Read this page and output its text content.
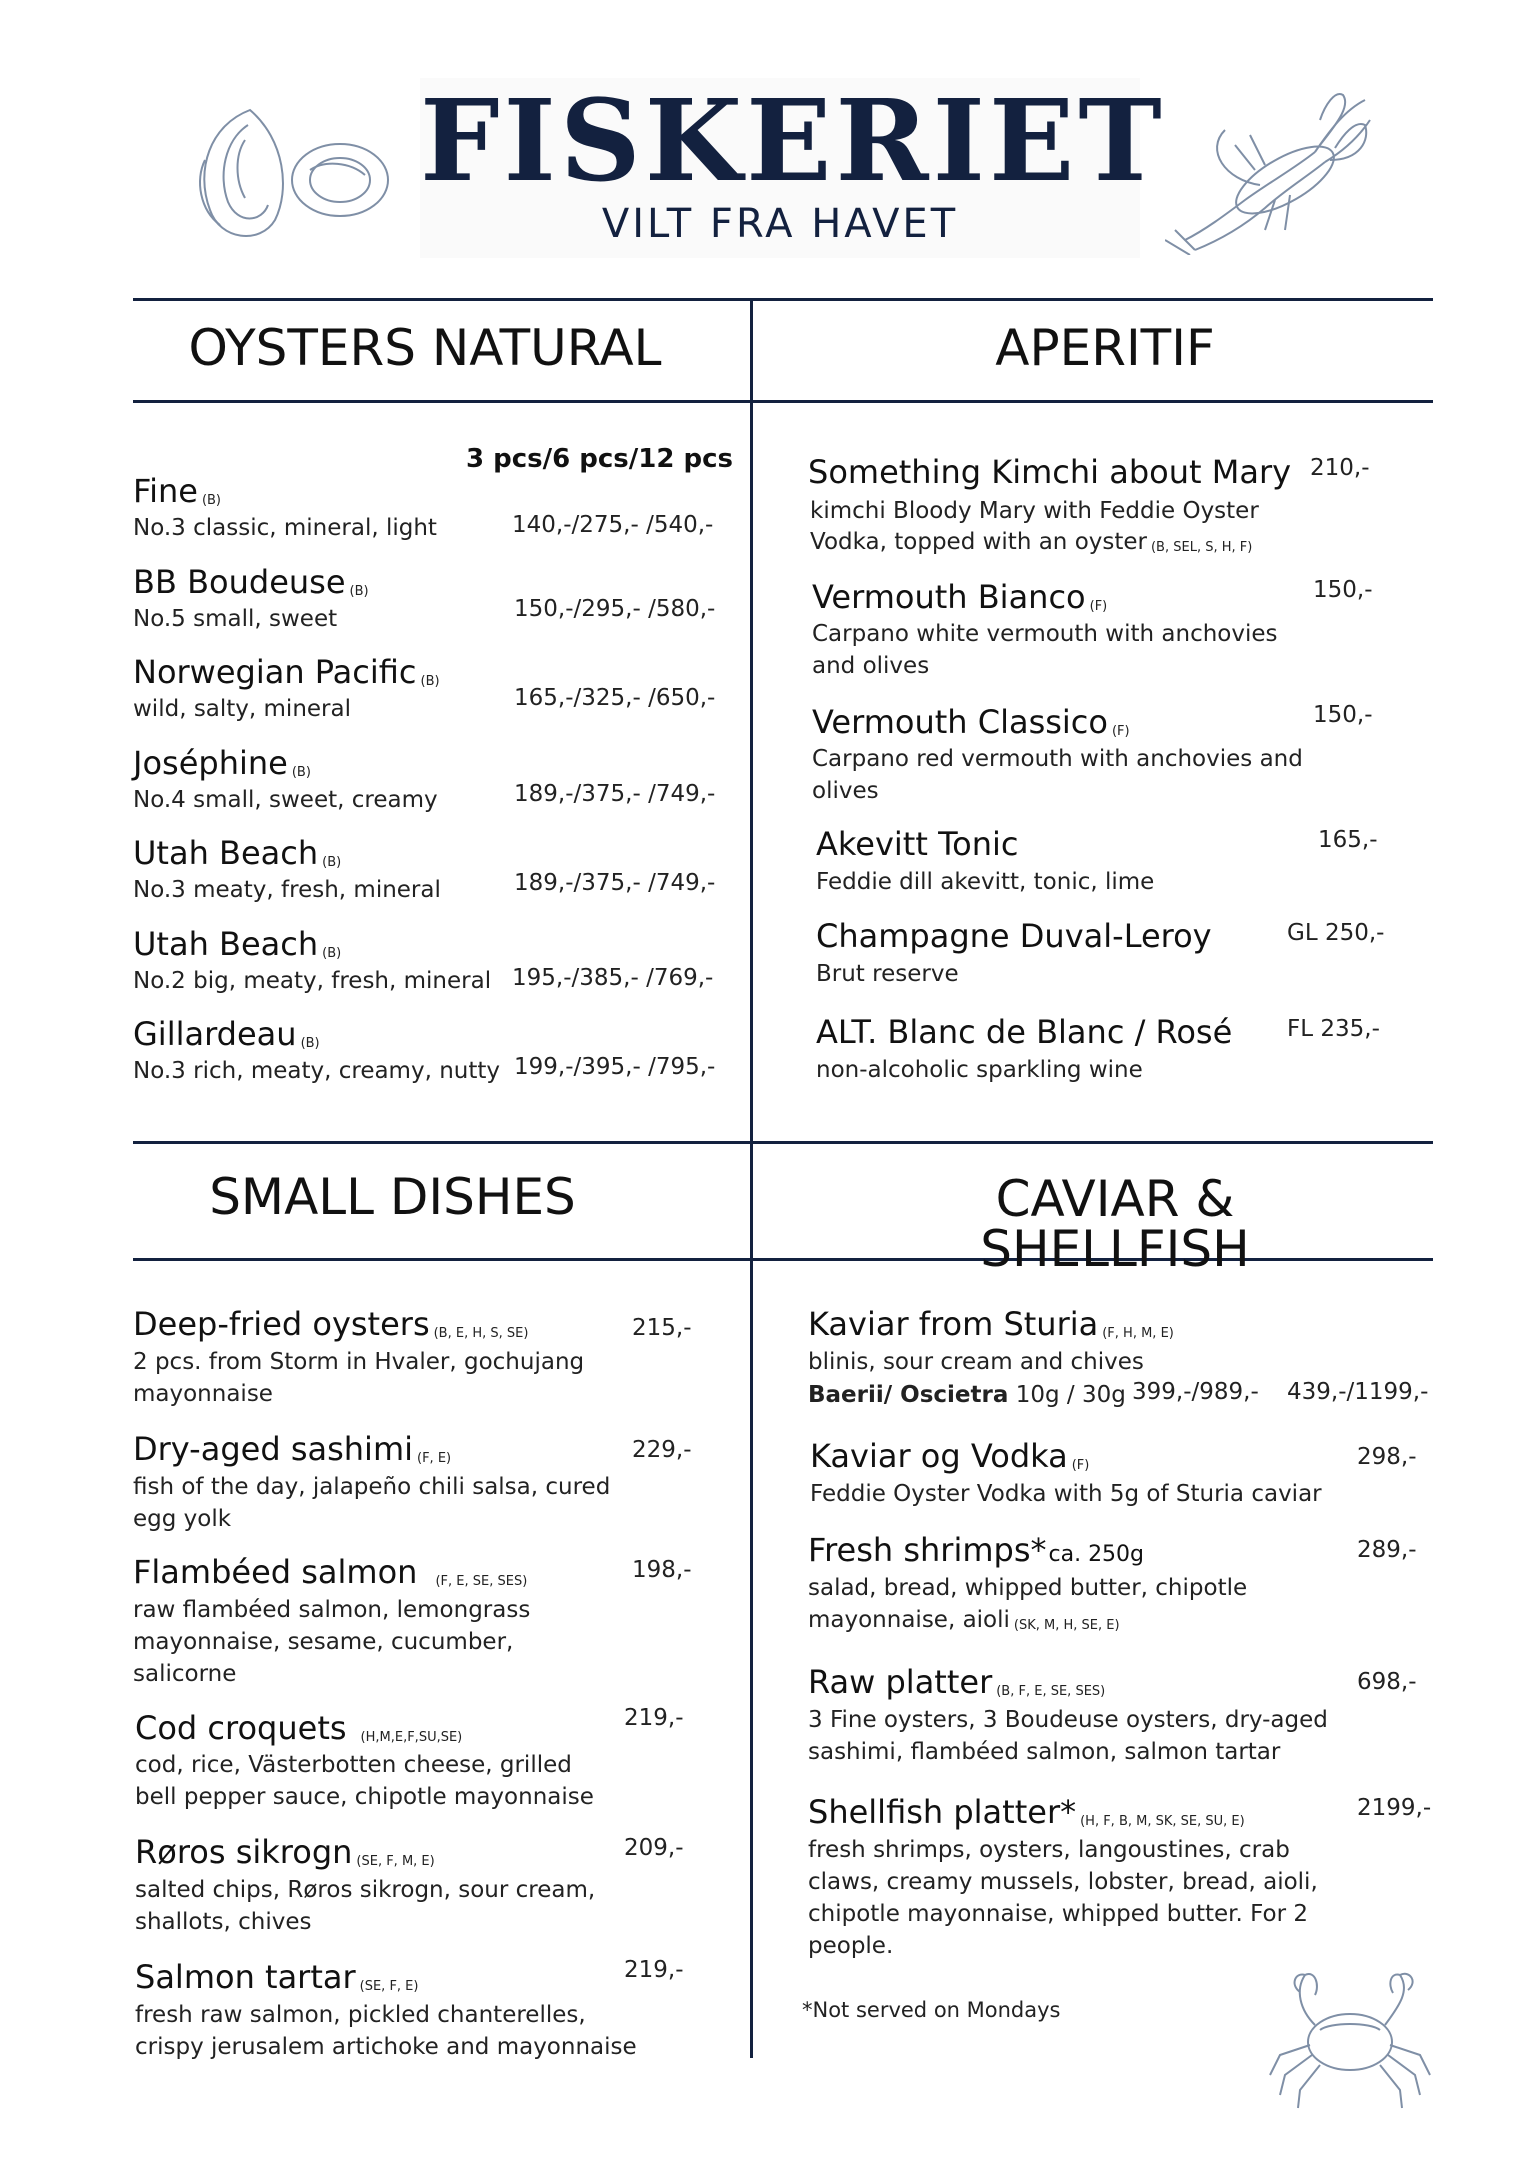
FISKERIET
VILT FRA HAVET
OYSTERS NATURAL	APERITIF
SMALL DISHES	CAVIAR & SHELLFISH
3 pcs/6 pcs/12 pcs
Fine (B)
No.3 classic, mineral, light	140,-/275,- /540,-
BB Boudeuse (B)
No.5 small, sweet	150,-/295,- /580,-
Norwegian Pacific (B)
wild, salty, mineral	165,-/325,- /650,-
Joséphine (B)
No.4 small, sweet, creamy	189,-/375,- /749,-
Utah Beach (B)
No.3 meaty, fresh, mineral	189,-/375,- /749,-
Utah Beach (B)
No.2 big, meaty, fresh, mineral 195,-/385,- /769,-
Gillardeau (B)
No.3 rich, meaty, creamy, nutty 199,-/395,- /795,-
Something Kimchi about Mary 210,-
kimchi Bloody Mary with Feddie Oyster
Vodka, topped with an oyster (B, SEL, S, H, F)
Vermouth Bianco (F)
150,-
Carpano white vermouth with anchovies
and olives
Vermouth Classico (F)
150,-
Carpano red vermouth with anchovies and
olives
Akevitt Tonic	165,-
Feddie dill akevitt, tonic, lime
Champagne Duval-Leroy	GL 250,-
Brut reserve
ALT. Blanc de Blanc / Rosé FL 235,-
non-alcoholic sparkling wine
Deep-fried oysters (B, E, H, S, SE)	215,-
2 pcs. from Storm in Hvaler, gochujang
mayonnaise
Dry-aged sashimi (F, E)	229,-
fish of the day, jalapeño chili salsa, cured
egg yolk
Flambéed salmon (F, E, SE, SES)	198,-
raw flambéed salmon, lemongrass
mayonnaise, sesame, cucumber,
salicorne
Cod croquets (H,M,E,F,SU,SE)
219,-
cod, rice, Västerbotten cheese, grilled
bell pepper sauce, chipotle mayonnaise
Røros sikrogn (SE, F, M, E)
209,-
salted chips, Røros sikrogn, sour cream,
shallots, chives
Salmon tartar (SE, F, E)
219,-
fresh raw salmon, pickled chanterelles,
crispy jerusalem artichoke and mayonnaise
Kaviar from Sturia (F, H, M, E)
blinis, sour cream and chives
Baerii/ Oscietra 10g / 30g 399,-/989,- 439,-/1199,-
Kaviar og Vodka (F)	298,-
Feddie Oyster Vodka with 5g of Sturia caviar
Fresh shrimps*ca. 250g	289,-
salad, bread, whipped butter, chipotle
mayonnaise, aioli (SK, M, H, SE, E)
Raw platter (B, F, E, SE, SES)	698,-
3 Fine oysters, 3 Boudeuse oysters, dry-aged
sashimi, flambéed salmon, salmon tartar
Shellfish platter* (H, F, B, M, SK, SE, SU, E)
2199,-
fresh shrimps, oysters, langoustines, crab
claws, creamy mussels, lobster, bread, aioli,
chipotle mayonnaise, whipped butter. For 2
people.
*Not served on Mondays
